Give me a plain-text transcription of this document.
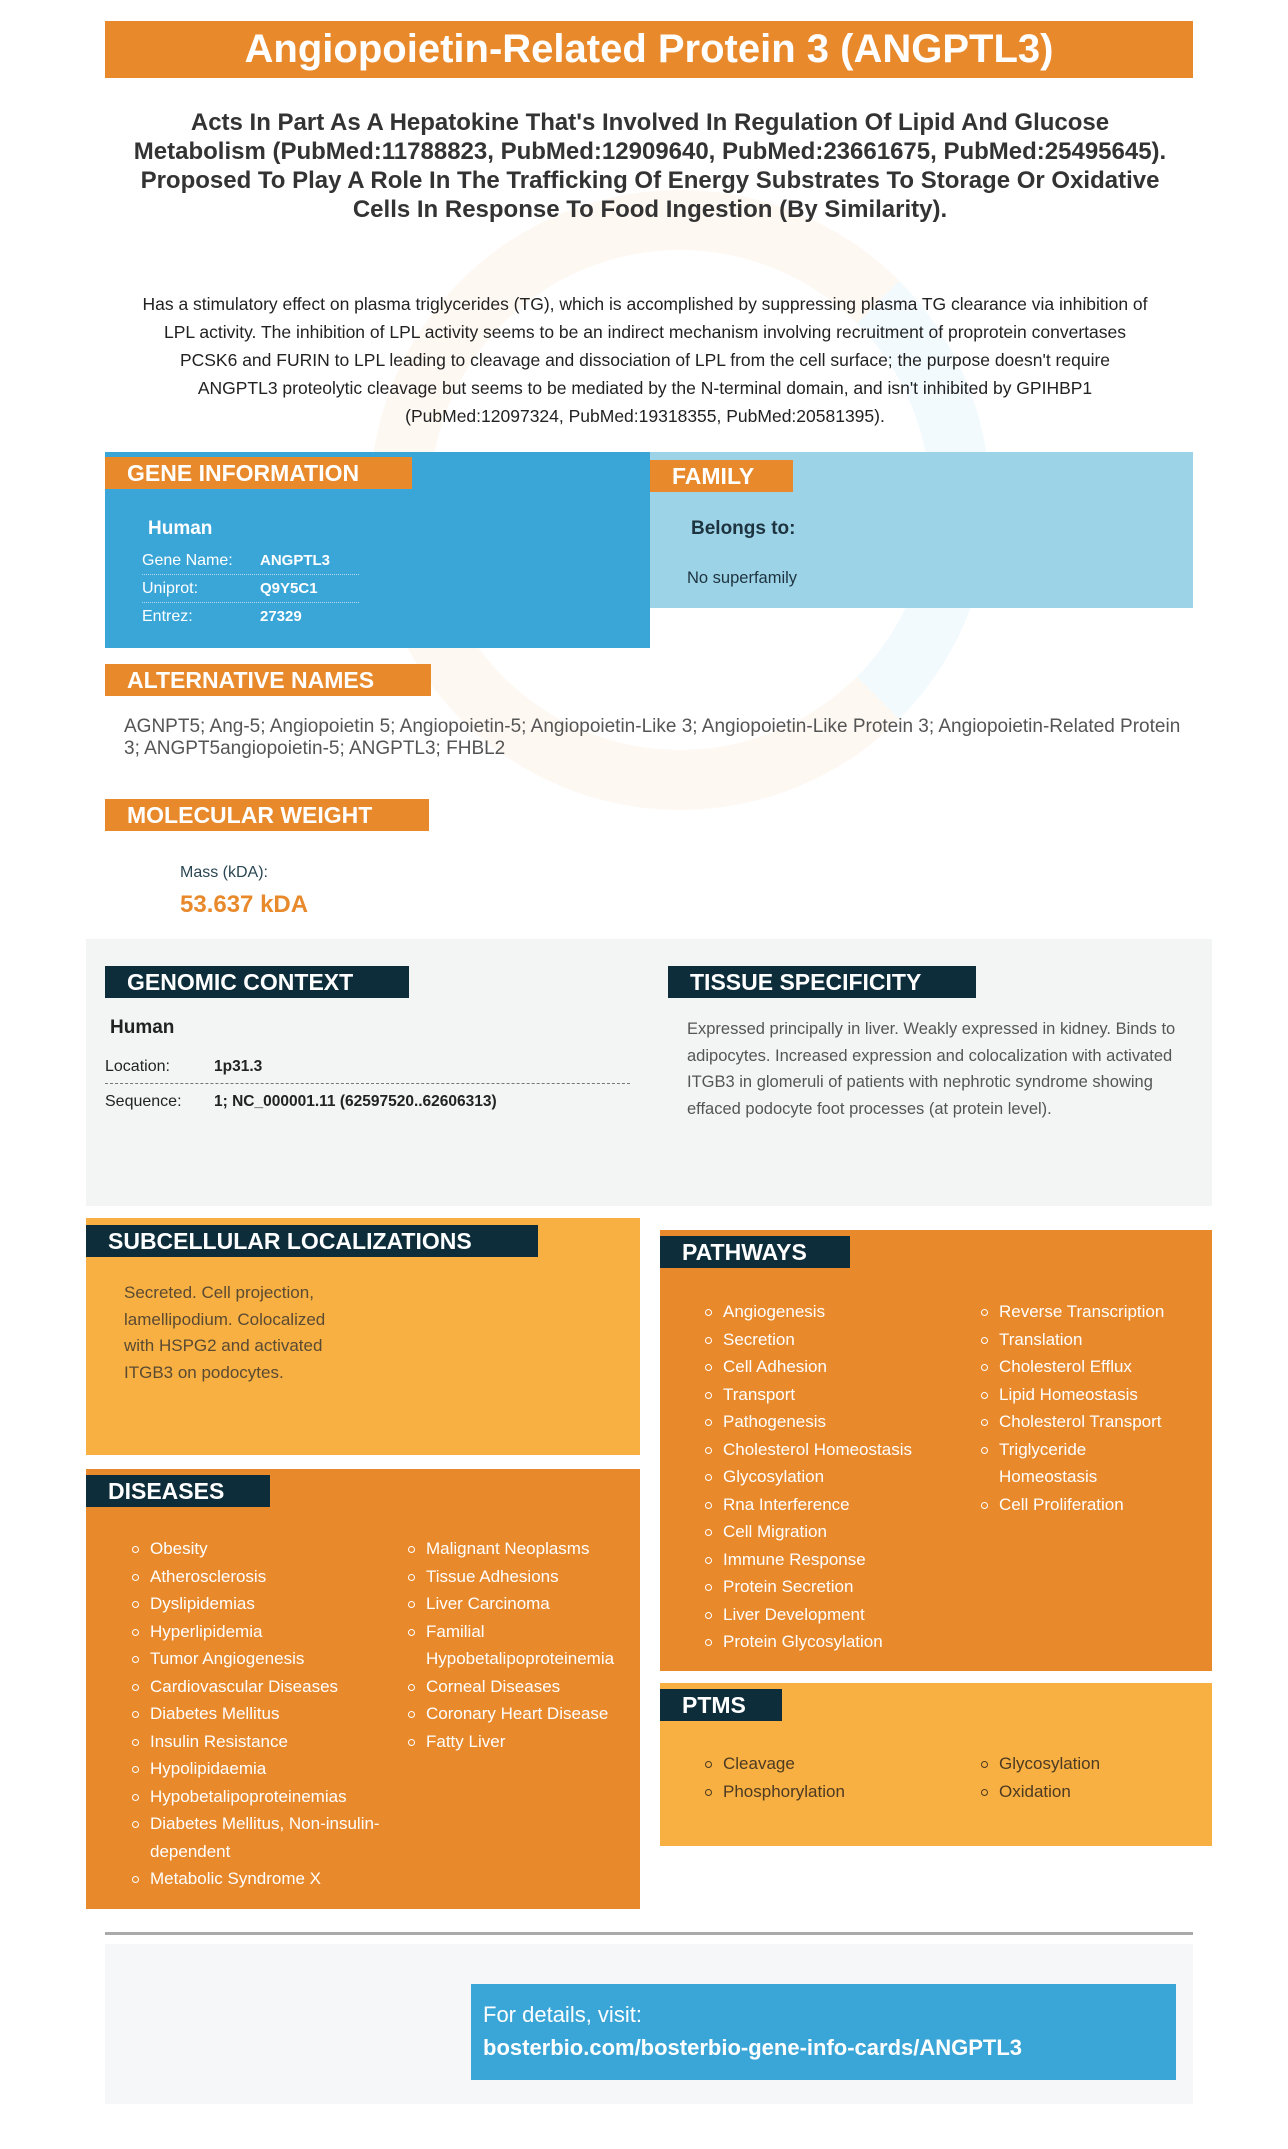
Angiopoietin-Related Protein 3 (ANGPTL3)
Acts In Part As A Hepatokine That's Involved In Regulation Of Lipid And Glucose Metabolism (PubMed:11788823, PubMed:12909640, PubMed:23661675, PubMed:25495645). Proposed To Play A Role In The Trafficking Of Energy Substrates To Storage Or Oxidative Cells In Response To Food Ingestion (By Similarity).
Has a stimulatory effect on plasma triglycerides (TG), which is accomplished by suppressing plasma TG clearance via inhibition of LPL activity. The inhibition of LPL activity seems to be an indirect mechanism involving recruitment of proprotein convertases PCSK6 and FURIN to LPL leading to cleavage and dissociation of LPL from the cell surface; the purpose doesn't require ANGPTL3 proteolytic cleavage but seems to be mediated by the N-terminal domain, and isn't inhibited by GPIHBP1 (PubMed:12097324, PubMed:19318355, PubMed:20581395).
GENE INFORMATION
Human
Gene Name:	ANGPTL3
Uniprot:	Q9Y5C1
Entrez:	27329
FAMILY
Belongs to:
No superfamily
ALTERNATIVE NAMES
AGNPT5; Ang-5; Angiopoietin 5; Angiopoietin-5; Angiopoietin-Like 3; Angiopoietin-Like Protein 3; Angiopoietin-Related Protein 3; ANGPT5angiopoietin-5; ANGPTL3; FHBL2
MOLECULAR WEIGHT
Mass (kDA):
53.637 kDA
GENOMIC CONTEXT
Human
Location:	1p31.3
Sequence:	1; NC_000001.11 (62597520..62606313)
TISSUE SPECIFICITY
Expressed principally in liver. Weakly expressed in kidney. Binds to adipocytes. Increased expression and colocalization with activated ITGB3 in glomeruli of patients with nephrotic syndrome showing effaced podocyte foot processes (at protein level).
SUBCELLULAR LOCALIZATIONS
Secreted. Cell projection, lamellipodium. Colocalized with HSPG2 and activated ITGB3 on podocytes.
DISEASES
Obesity
Atherosclerosis
Dyslipidemias
Hyperlipidemia
Tumor Angiogenesis
Cardiovascular Diseases
Diabetes Mellitus
Insulin Resistance
Hypolipidaemia
Hypobetalipoproteinemias
Diabetes Mellitus, Non-insulin-dependent
Metabolic Syndrome X
Malignant Neoplasms
Tissue Adhesions
Liver Carcinoma
Familial Hypobetalipoproteinemia
Corneal Diseases
Coronary Heart Disease
Fatty Liver
PATHWAYS
Angiogenesis
Secretion
Cell Adhesion
Transport
Pathogenesis
Cholesterol Homeostasis
Glycosylation
Rna Interference
Cell Migration
Immune Response
Protein Secretion
Liver Development
Protein Glycosylation
Reverse Transcription
Translation
Cholesterol Efflux
Lipid Homeostasis
Cholesterol Transport
Triglyceride Homeostasis
Cell Proliferation
PTMS
Cleavage
Phosphorylation
Glycosylation
Oxidation
For details, visit:
bosterbio.com/bosterbio-gene-info-cards/ANGPTL3
